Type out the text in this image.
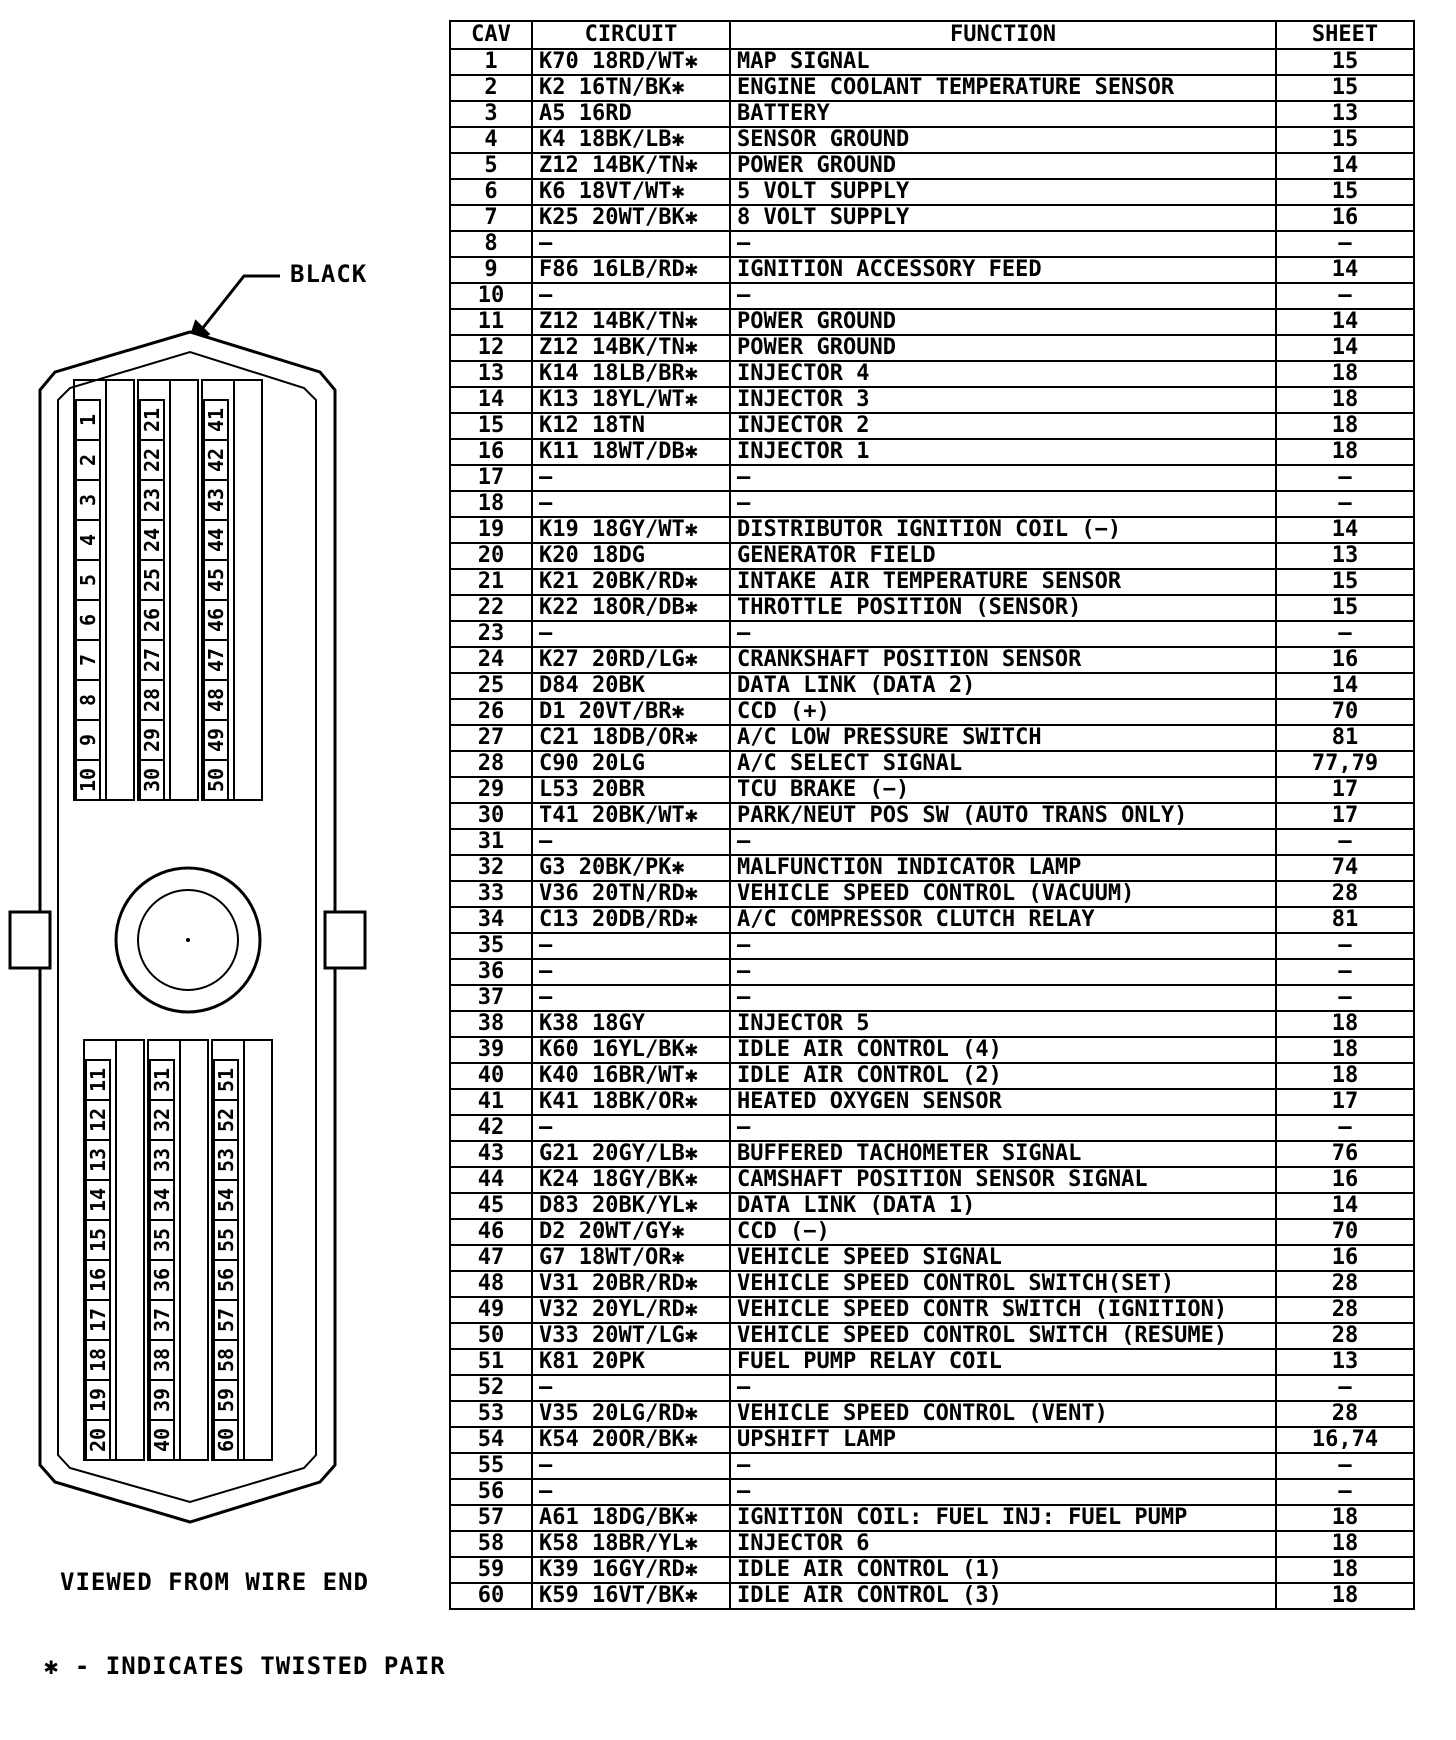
1
2
3
4
5
6
7
8
9
10
21
22
23
24
25
26
27
28
29
30
41
42
43
44
45
46
47
48
49
50
11
12
13
14
15
16
17
18
19
20
31
32
33
34
35
36
37
38
39
40
51
52
53
54
55
56
57
58
59
60
BLACK
VIEWED FROM WIRE END
✱ - INDICATES TWISTED PAIR
CAV	CIRCUIT	FUNCTION	SHEET
1	K70 18RD/WT✱	MAP SIGNAL	15
2	K2 16TN/BK✱	ENGINE COOLANT TEMPERATURE SENSOR	15
3	A5 16RD	BATTERY	13
4	K4 18BK/LB✱	SENSOR GROUND	15
5	Z12 14BK/TN✱	POWER GROUND	14
6	K6 18VT/WT✱	5 VOLT SUPPLY	15
7	K25 20WT/BK✱	8 VOLT SUPPLY	16
8	—	—	—
9	F86 16LB/RD✱	IGNITION ACCESSORY FEED	14
10	—	—	—
11	Z12 14BK/TN✱	POWER GROUND	14
12	Z12 14BK/TN✱	POWER GROUND	14
13	K14 18LB/BR✱	INJECTOR 4	18
14	K13 18YL/WT✱	INJECTOR 3	18
15	K12 18TN	INJECTOR 2	18
16	K11 18WT/DB✱	INJECTOR 1	18
17	—	—	—
18	—	—	—
19	K19 18GY/WT✱	DISTRIBUTOR IGNITION COIL (−)	14
20	K20 18DG	GENERATOR FIELD	13
21	K21 20BK/RD✱	INTAKE AIR TEMPERATURE SENSOR	15
22	K22 18OR/DB✱	THROTTLE POSITION (SENSOR)	15
23	—	—	—
24	K27 20RD/LG✱	CRANKSHAFT POSITION SENSOR	16
25	D84 20BK	DATA LINK (DATA 2)	14
26	D1 20VT/BR✱	CCD (+)	70
27	C21 18DB/OR✱	A/C LOW PRESSURE SWITCH	81
28	C90 20LG	A/C SELECT SIGNAL	77,79
29	L53 20BR	TCU BRAKE (−)	17
30	T41 20BK/WT✱	PARK/NEUT POS SW (AUTO TRANS ONLY)	17
31	—	—	—
32	G3 20BK/PK✱	MALFUNCTION INDICATOR LAMP	74
33	V36 20TN/RD✱	VEHICLE SPEED CONTROL (VACUUM)	28
34	C13 20DB/RD✱	A/C COMPRESSOR CLUTCH RELAY	81
35	—	—	—
36	—	—	—
37	—	—	—
38	K38 18GY	INJECTOR 5	18
39	K60 16YL/BK✱	IDLE AIR CONTROL (4)	18
40	K40 16BR/WT✱	IDLE AIR CONTROL (2)	18
41	K41 18BK/OR✱	HEATED OXYGEN SENSOR	17
42	—	—	—
43	G21 20GY/LB✱	BUFFERED TACHOMETER SIGNAL	76
44	K24 18GY/BK✱	CAMSHAFT POSITION SENSOR SIGNAL	16
45	D83 20BK/YL✱	DATA LINK (DATA 1)	14
46	D2 20WT/GY✱	CCD (−)	70
47	G7 18WT/OR✱	VEHICLE SPEED SIGNAL	16
48	V31 20BR/RD✱	VEHICLE SPEED CONTROL SWITCH(SET)	28
49	V32 20YL/RD✱	VEHICLE SPEED CONTR SWITCH (IGNITION)	28
50	V33 20WT/LG✱	VEHICLE SPEED CONTROL SWITCH (RESUME)	28
51	K81 20PK	FUEL PUMP RELAY COIL	13
52	—	—	—
53	V35 20LG/RD✱	VEHICLE SPEED CONTROL (VENT)	28
54	K54 20OR/BK✱	UPSHIFT LAMP	16,74
55	—	—	—
56	—	—	—
57	A61 18DG/BK✱	IGNITION COIL: FUEL INJ: FUEL PUMP	18
58	K58 18BR/YL✱	INJECTOR 6	18
59	K39 16GY/RD✱	IDLE AIR CONTROL (1)	18
60	K59 16VT/BK✱	IDLE AIR CONTROL (3)	18
